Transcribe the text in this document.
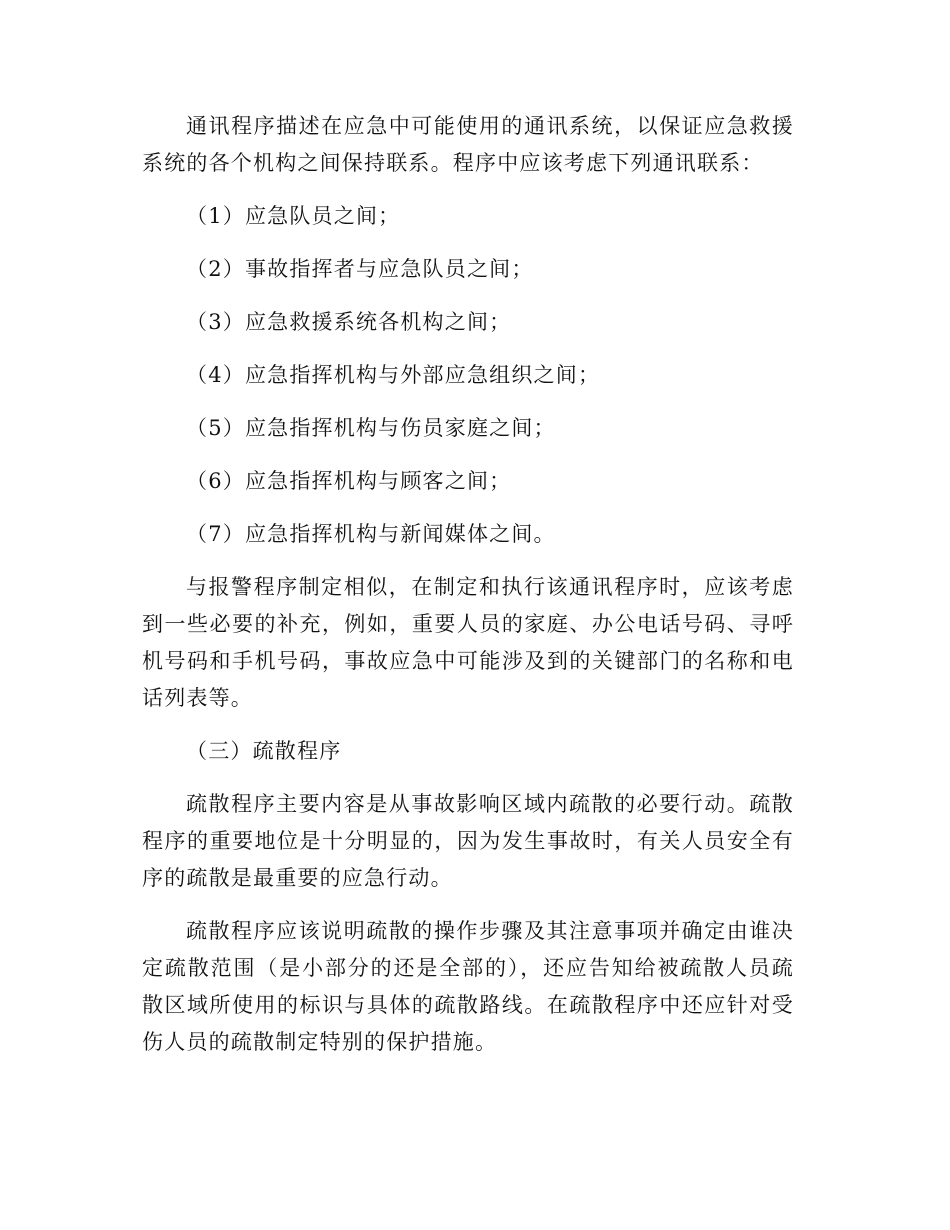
通讯程序描述在应急中可能使用的通讯系统，以保证应急救援系统的各个机构之间保持联系。程序中应该考虑下列通讯联系：

（1）应急队员之间；
（2）事故指挥者与应急队员之间；
（3）应急救援系统各机构之间；
（4）应急指挥机构与外部应急组织之间；
（5）应急指挥机构与伤员家庭之间；
（6）应急指挥机构与顾客之间；
（7）应急指挥机构与新闻媒体之间。

与报警程序制定相似，在制定和执行该通讯程序时，应该考虑到一些必要的补充，例如，重要人员的家庭、办公电话号码、寻呼机号码和手机号码，事故应急中可能涉及到的关键部门的名称和电话列表等。

（三）疏散程序

疏散程序主要内容是从事故影响区域内疏散的必要行动。疏散程序的重要地位是十分明显的，因为发生事故时，有关人员安全有序的疏散是最重要的应急行动。

疏散程序应该说明疏散的操作步骤及其注意事项并确定由谁决定疏散范围（是小部分的还是全部的），还应告知给被疏散人员疏散区域所使用的标识与具体的疏散路线。在疏散程序中还应针对受伤人员的疏散制定特别的保护措施。
